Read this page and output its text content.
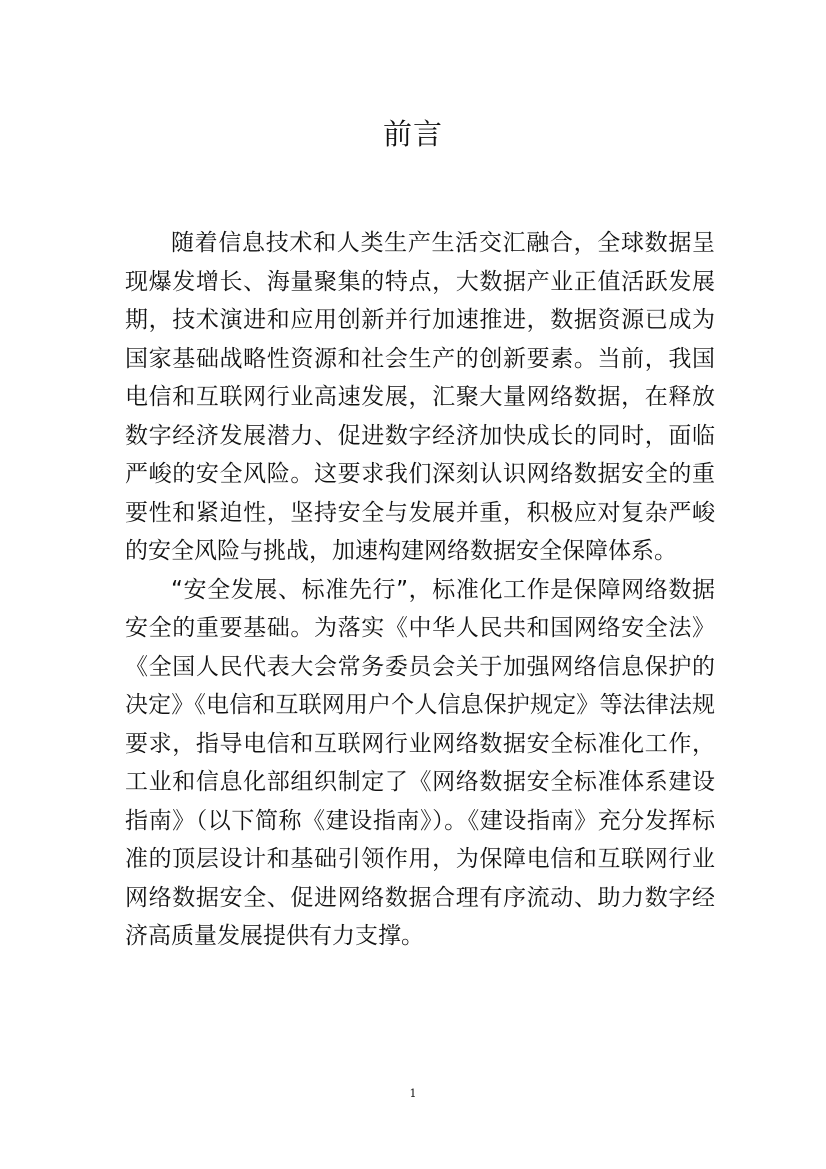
前言

随着信息技术和人类生产生活交汇融合，全球数据呈现爆发增长、海量聚集的特点，大数据产业正值活跃发展期，技术演进和应用创新并行加速推进，数据资源已成为国家基础战略性资源和社会生产的创新要素。当前，我国电信和互联网行业高速发展，汇聚大量网络数据，在释放数字经济发展潜力、促进数字经济加快成长的同时，面临严峻的安全风险。这要求我们深刻认识网络数据安全的重要性和紧迫性，坚持安全与发展并重，积极应对复杂严峻的安全风险与挑战，加速构建网络数据安全保障体系。

“安全发展、标准先行”，标准化工作是保障网络数据安全的重要基础。为落实《中华人民共和国网络安全法》《全国人民代表大会常务委员会关于加强网络信息保护的决定》《电信和互联网用户个人信息保护规定》等法律法规要求，指导电信和互联网行业网络数据安全标准化工作，工业和信息化部组织制定了《网络数据安全标准体系建设指南》（以下简称《建设指南》）。《建设指南》充分发挥标准的顶层设计和基础引领作用，为保障电信和互联网行业网络数据安全、促进网络数据合理有序流动、助力数字经济高质量发展提供有力支撑。

1
